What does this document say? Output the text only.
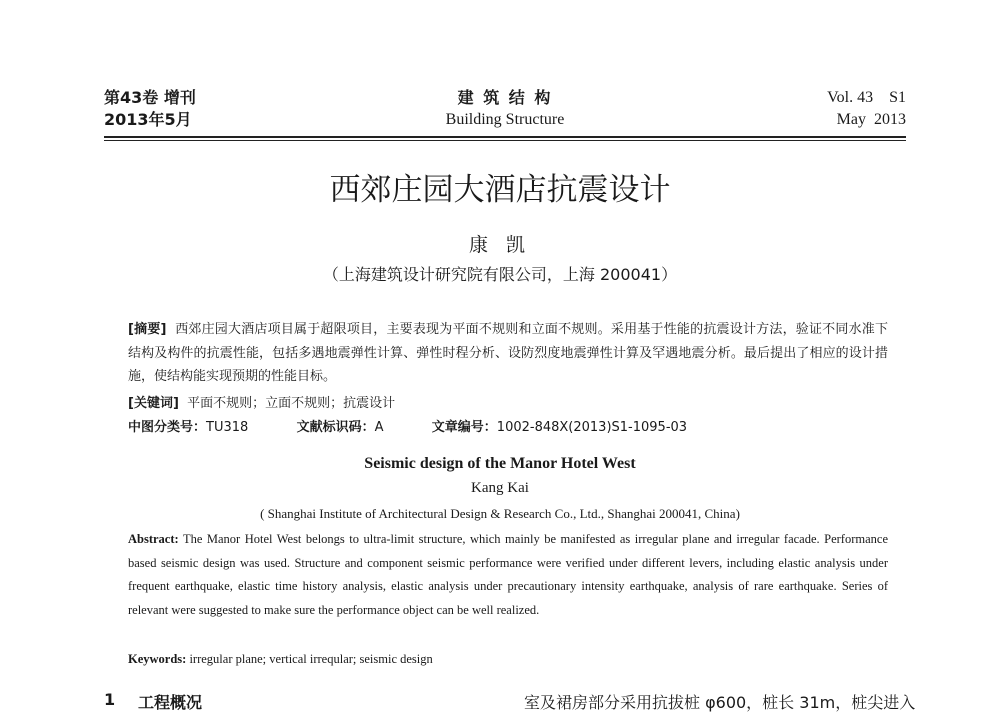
第43卷 增刊
2013年5月
建 筑 结 构
Building Structure
Vol. 43    S1
May  2013
西郊庄园大酒店抗震设计
康 凯
（上海建筑设计研究院有限公司，上海 200041）
[摘要] 西郊庄园大酒店项目属于超限项目，主要表现为平面不规则和立面不规则。采用基于性能的抗震设计方法，验证不同水准下结构及构件的抗震性能，包括多遇地震弹性计算、弹性时程分析、设防烈度地震弹性计算及罕遇地震分析。最后提出了相应的设计措施，使结构能实现预期的性能目标。
[关键词] 平面不规则；立面不规则；抗震设计
中图分类号：TU318	文献标识码：A	文章编号：1002-848X(2013)S1-1095-03
Seismic design of the Manor Hotel West
Kang Kai
( Shanghai Institute of Architectural Design & Research Co., Ltd., Shanghai 200041, China)
Abstract: The Manor Hotel West belongs to ultra-limit structure, which mainly be manifested as irregular plane and irregular facade. Performance based seismic design was used. Structure and component seismic performance were verified under different levers, including elastic analysis under frequent earthquake, elastic time history analysis, elastic analysis under precautionary intensity earthquake, analysis of rare earthquake. Series of relevant were suggested to make sure the performance object can be well realized.
Keywords: irregular plane; vertical irreqular; seismic design
1 工程概况	室及裙房部分采用抗拔桩 φ600，桩长 31m，桩尖进入
